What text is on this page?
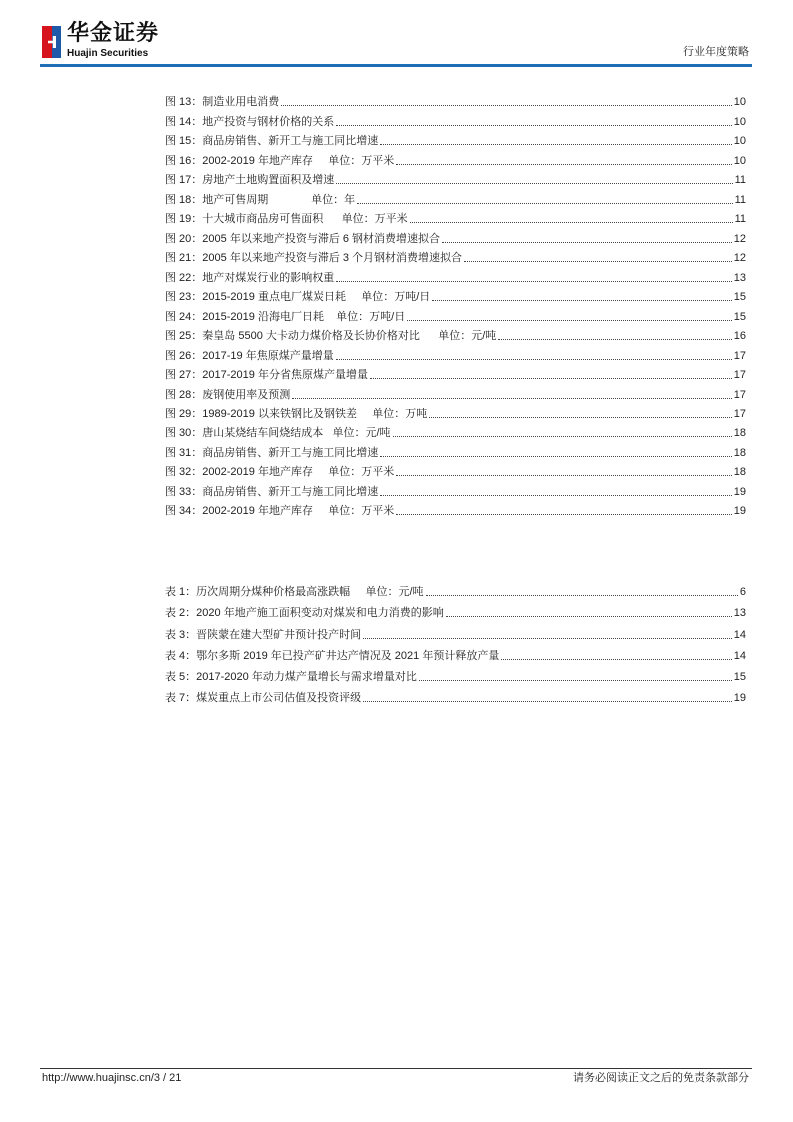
华金证券
Huajin Securities	行业年度策略
图 13：制造业用电消费	10
图 14：地产投资与钢材价格的关系	10
图 15：商品房销售、新开工与施工同比增速	10
图 16：2002-2019 年地产库存     单位：万平米	10
图 17：房地产土地购置面积及增速	11
图 18：地产可售周期              单位：年	11
图 19：十大城市商品房可售面积      单位：万平米	11
图 20：2005 年以来地产投资与滞后 6 钢材消费增速拟合	12
图 21：2005 年以来地产投资与滞后 3 个月钢材消费增速拟合	12
图 22：地产对煤炭行业的影响权重	13
图 23：2015-2019 重点电厂煤炭日耗     单位：万吨/日	15
图 24：2015-2019 沿海电厂日耗    单位：万吨/日	15
图 25：秦皇岛 5500 大卡动力煤价格及长协价格对比      单位：元/吨	16
图 26：2017-19 年焦原煤产量增量	17
图 27：2017-2019 年分省焦原煤产量增量	17
图 28：废钢使用率及预测	17
图 29：1989-2019 以来铁钢比及钢铁差     单位：万吨	17
图 30：唐山某烧结车间烧结成本   单位：元/吨	18
图 31：商品房销售、新开工与施工同比增速	18
图 32：2002-2019 年地产库存     单位：万平米	18
图 33：商品房销售、新开工与施工同比增速	19
图 34：2002-2019 年地产库存     单位：万平米	19
表 1：历次周期分煤种价格最高涨跌幅     单位：元/吨	6
表 2：2020 年地产施工面积变动对煤炭和电力消费的影响	13
表 3：晋陕蒙在建大型矿井预计投产时间	14
表 4：鄂尔多斯 2019 年已投产矿井达产情况及 2021 年预计释放产量	14
表 5：2017-2020 年动力煤产量增长与需求增量对比	15
表 7：煤炭重点上市公司估值及投资评级	19
http://www.huajinsc.cn/3 / 21	请务必阅读正文之后的免责条款部分
